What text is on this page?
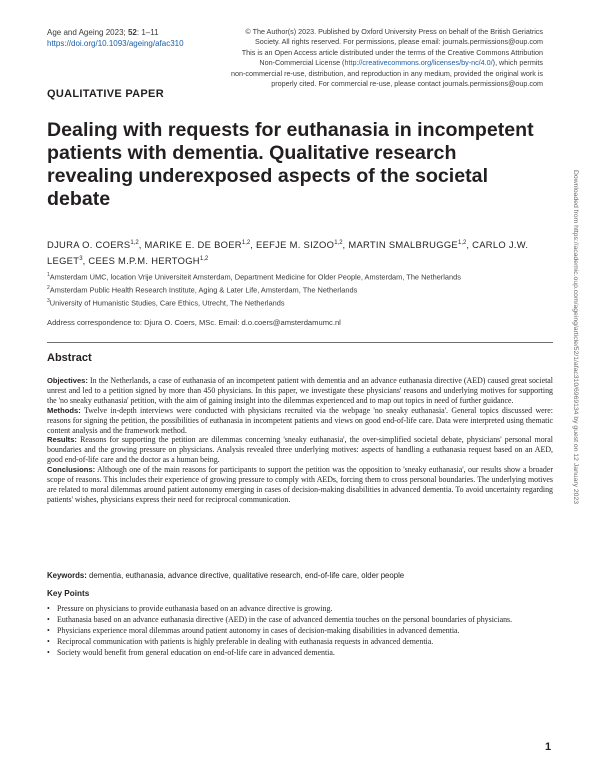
Age and Ageing 2023; 52: 1–11
https://doi.org/10.1093/ageing/afac310
© The Author(s) 2023. Published by Oxford University Press on behalf of the British Geriatrics
Society. All rights reserved. For permissions, please email: journals.permissions@oup.com
This is an Open Access article distributed under the terms of the Creative Commons Attribution
Non-Commercial License (http://creativecommons.org/licenses/by-nc/4.0/), which permits
non-commercial re-use, distribution, and reproduction in any medium, provided the original work is
properly cited. For commercial re-use, please contact journals.permissions@oup.com
QUALITATIVE PAPER
Dealing with requests for euthanasia in incompetent patients with dementia. Qualitative research revealing underexposed aspects of the societal debate
DJURA O. COERS$^{1,2}$, MARIKE E. DE BOER$^{1,2}$, EEFJE M. SIZOO$^{1,2}$, MARTIN SMALBRUGGE$^{1,2}$, CARLO J.W. LEGET$^3$, CEES M.P.M. HERTOGH$^{1,2}$
$^1$Amsterdam UMC, location Vrije Universiteit Amsterdam, Department Medicine for Older People, Amsterdam, The Netherlands
$^2$Amsterdam Public Health Research Institute, Aging & Later Life, Amsterdam, The Netherlands
$^3$University of Humanistic Studies, Care Ethics, Utrecht, The Netherlands
Address correspondence to: Djura O. Coers, MSc. Email: d.o.coers@amsterdamumc.nl
Abstract

Objectives: In the Netherlands, a case of euthanasia of an incompetent patient with dementia and an advance euthanasia directive (AED) caused great societal unrest and led to a petition signed by more than 450 physicians. In this paper, we investigate these physicians' reasons and underlying motives for supporting the 'no sneaky euthanasia' petition, with the aim of gaining insight into the dilemmas experienced and to map out topics in need of further guidance.

Methods: Twelve in-depth interviews were conducted with physicians recruited via the webpage 'no sneaky euthanasia'. General topics discussed were: reasons for signing the petition, the possibilities of euthanasia in incompetent patients and views on good end-of-life care. Data were interpreted using thematic content analysis and the framework method.

Results: Reasons for supporting the petition are dilemmas concerning 'sneaky euthanasia', the over-simplified societal debate, physicians' personal moral boundaries and the growing pressure on physicians. Analysis revealed three underlying motives: aspects of handling a euthanasia request based on an AED, good end-of-life care and the doctor as a human being.

Conclusions: Although one of the main reasons for participants to support the petition was the opposition to 'sneaky euthanasia', our results show a broader scope of reasons. This includes their experience of growing pressure to comply with AEDs, forcing them to cross personal boundaries. The underlying motives are related to moral dilemmas around patient autonomy emerging in cases of decision-making disabilities in advanced dementia. To avoid uncertainty regarding patients' wishes, physicians express their need for reciprocal communication.

Keywords: dementia, euthanasia, advance directive, qualitative research, end-of-life care, older people
Key Points
• Pressure on physicians to provide euthanasia based on an advance directive is growing.
• Euthanasia based on an advance euthanasia directive (AED) in the case of advanced dementia touches on the personal boundaries of physicians.
• Physicians experience moral dilemmas around patient autonomy in cases of decision-making disabilities in advanced dementia.
• Reciprocal communication with patients is highly preferable in dealing with euthanasia requests in advanced dementia.
• Society would benefit from general education on end-of-life care in advanced dementia.
Downloaded from https://academic.oup.com/ageing/article/52/1/afac310/6969134 by guest on 12 January 2023
1
